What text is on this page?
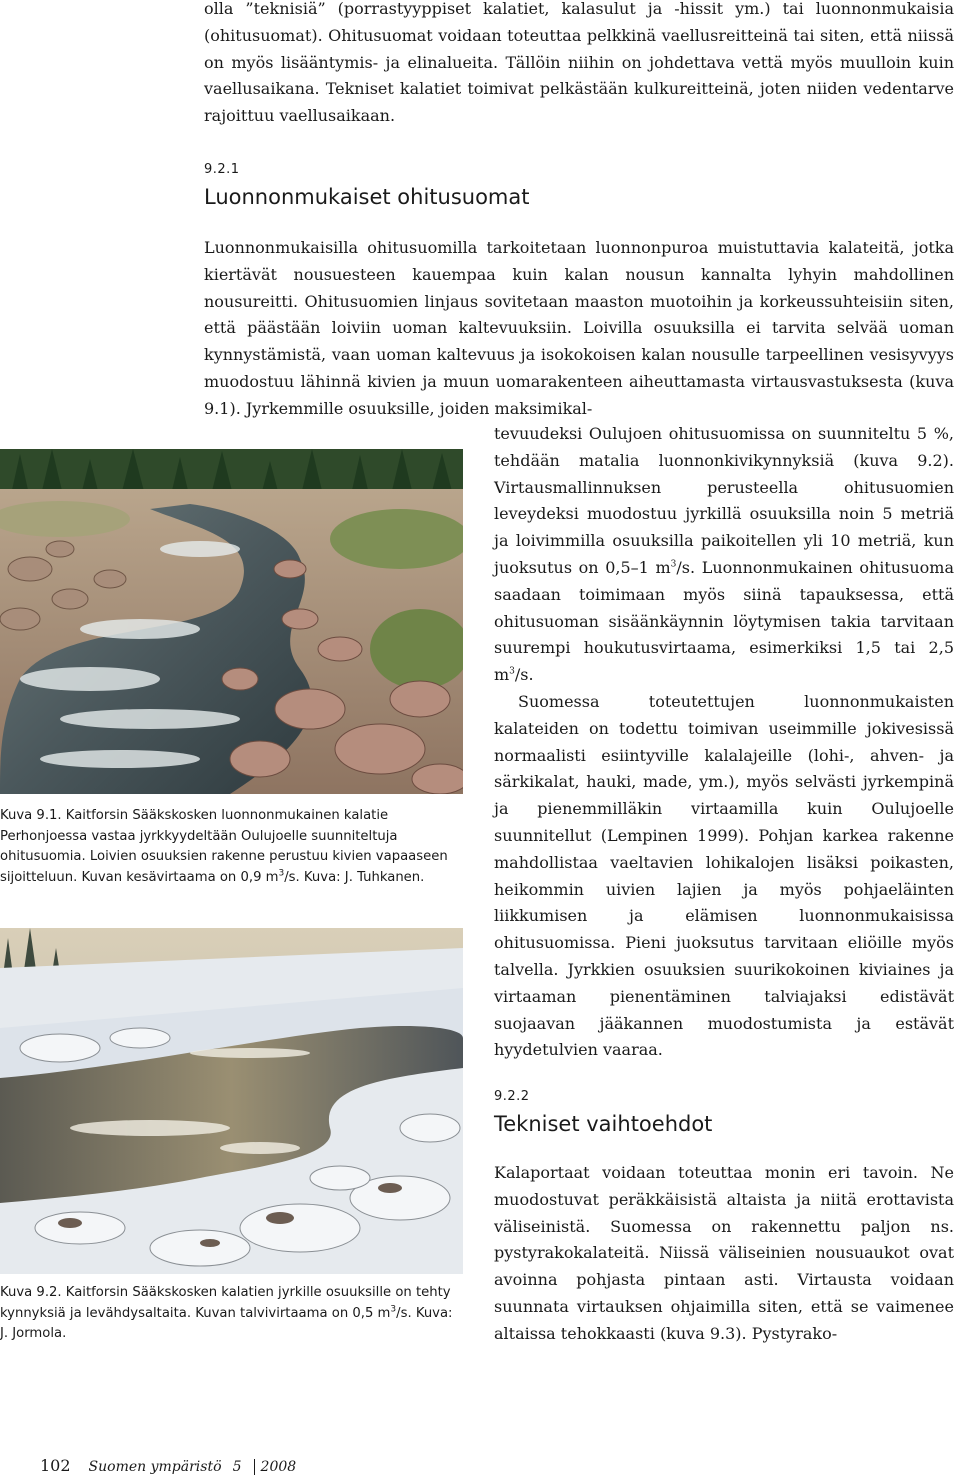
olla ”teknisiä” (porrastyyppiset kalatiet, kalasulut ja -hissit ym.) tai luonnonmukaisia (ohitusuomat). Ohitusuomat voidaan toteuttaa pelkkinä vaellusreitteinä tai siten, että niissä on myös lisääntymis- ja elinalueita. Tällöin niihin on johdettava vettä myös muulloin kuin vaellusaikana. Tekniset kalatiet toimivat pelkästään kulkureitteinä, joten niiden vedentarve rajoittuu vaellusaikaan.

9.2.1
Luonnonmukaiset ohitusuomat

Luonnonmukaisilla ohitusuomilla tarkoitetaan luonnonpuroa muistuttavia kalateitä, jotka kiertävät nousuesteen kauempaa kuin kalan nousun kannalta lyhyin mahdollinen nousureitti. Ohitusuomien linjaus sovitetaan maaston muotoihin ja korkeussuhteisiin siten, että päästään loiviin uoman kaltevuuksiin. Loivilla osuuksilla ei tarvita selvää uoman kynnystämistä, vaan uoman kaltevuus ja isokokoisen kalan nousulle tarpeellinen vesisyvyys muodostuu lähinnä kivien ja muun uomarakenteen aiheuttamasta virtausvastuksesta (kuva 9.1). Jyrkemmille osuuksille, joiden maksimikal-

tevuudeksi Oulujoen ohitusuomissa on suunniteltu 5 %, tehdään matalia luonnonkivikynnyksiä (kuva 9.2). Virtausmallinnuksen perusteella ohitusuomien leveydeksi muodostuu jyrkillä osuuksilla noin 5 metriä ja loivimmilla osuuksilla paikoitellen yli 10 metriä, kun juoksutus on 0,5–1 $m^3/s$. Luonnonmukainen ohitusuoma saadaan toimimaan myös siinä tapauksessa, että ohitusuoman sisäänkäynnin löytymisen takia tarvitaan suurempi houkutusvirtaama, esimerkiksi 1,5 tai 2,5 $m^3/s$.

Suomessa toteutettujen luonnonmukaisten kalateiden on todettu toimivan useimmille jokivesissä normaalisti esiintyville kalalajeille (lohi-, ahven- ja särkikalat, hauki, made, ym.), myös selvästi jyrkempinä ja pienemmilläkin virtaamilla kuin Oulujoelle suunnitellut (Lempinen 1999). Pohjan karkea rakenne mahdollistaa vaeltavien lohikalojen lisäksi poikasten, heikommin uivien lajien ja myös pohjaeläinten liikkumisen ja elämisen luonnonmukaisissa ohitusuomissa. Pieni juoksutus tarvitaan eliöille myös talvella. Jyrkkien osuuksien suurikokoinen kiviaines ja virtaaman pienentäminen talviajaksi edistävät suojaavan jääkannen muodostumista ja estävät hyydetulvien vaaraa.

9.2.2
Tekniset vaihtoehdot

Kalaportaat voidaan toteuttaa monin eri tavoin. Ne muodostuvat peräkkäisistä altaista ja niitä erottavista väliseinistä. Suomessa on rakennettu paljon ns. pystyrakokalateitä. Niissä väliseinien nousuaukot ovat avoinna pohjasta pintaan asti. Virtausta voidaan suunnata virtauksen ohjaimilla siten, että se vaimenee altaissa tehokkaasti (kuva 9.3). Pystyrako-

Kuva 9.1. Kaitforsin Sääkskosken luonnonmukainen kalatie Perhonjoessa vastaa jyrkkyydeltään Oulujoelle suunniteltuja ohitusuomia. Loivien osuuksien rakenne perustuu kivien vapaaseen sijoitteluun. Kuvan kesävirtaama on 0,9 $m^3/s$. Kuva: J. Tuhkanen.
Kuva 9.2. Kaitforsin Sääkskosken kalatien jyrkille osuuksille on tehty kynnyksiä ja levähdysaltaita. Kuvan talvivirtaama on 0,5 $m^3/s$. Kuva: J. Jormola.
102 Suomen ympäristö 5 2008
